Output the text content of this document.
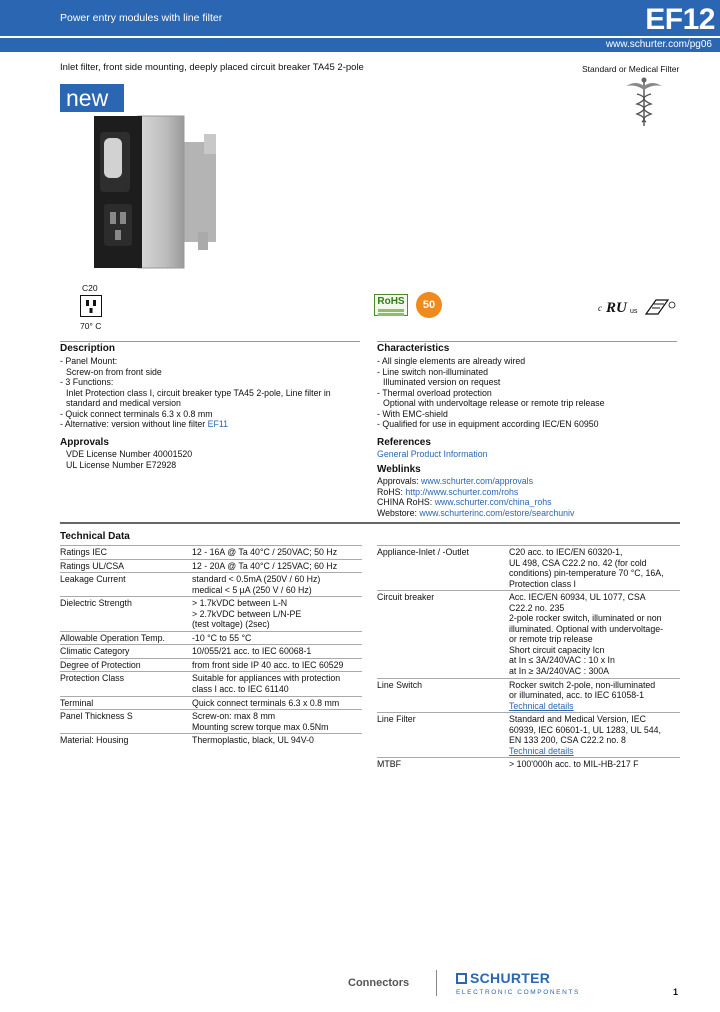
Power entry modules with line filter	EF12
www.schurter.com/pg06
Inlet filter, front side mounting, deeply placed circuit breaker TA45 2-pole	Standard or Medical Filter
new
C20
70° C
RoHS	50	c RU us
Description
- Panel Mount:
Screw-on from front side
- 3 Functions:
Inlet Protection class I, circuit breaker type TA45 2-pole, Line filter in
standard and medical version
- Quick connect terminals 6.3 x 0.8 mm
- Alternative: version without line filter EF11
Approvals
VDE License Number 40001520
UL License Number E72928
Characteristics
- All single elements are already wired
- Line switch non-illuminated
Illuminated version on request
- Thermal overload protection
Optional with undervoltage release or remote trip release
- With EMC-shield
- Qualified for use in equipment according IEC/EN 60950
References
General Product Information
Weblinks
Approvals: www.schurter.com/approvals
RoHS: http://www.schurter.com/rohs
CHINA RoHS: www.schurter.com/china_rohs
Webstore: www.schurterinc.com/estore/searchuniv
Technical Data
Ratings IEC	12 - 16A @ Ta 40°C / 250VAC; 50 Hz
Ratings UL/CSA	12 - 20A @ Ta 40°C / 125VAC; 60 Hz
Leakage Current	standard < 0.5mA (250V / 60 Hz)
medical < 5 µA (250 V / 60 Hz)
Dielectric Strength	> 1.7kVDC between L-N
> 2.7kVDC between L/N-PE
(test voltage) (2sec)
Allowable Operation Temp.	-10 °C to 55 °C
Climatic Category	10/055/21 acc. to IEC 60068-1
Degree of Protection	from front side IP 40 acc. to IEC 60529
Protection Class	Suitable for appliances with protection
class I acc. to IEC 61140
Terminal	Quick connect terminals 6.3 x 0.8 mm
Panel Thickness S	Screw-on: max 8 mm
Mounting screw torque max 0.5Nm
Material: Housing	Thermoplastic, black, UL 94V-0
Appliance-Inlet / -Outlet	C20 acc. to IEC/EN 60320-1,
UL 498, CSA C22.2 no. 42 (for cold
conditions) pin-temperature 70 °C, 16A,
Protection class I
Circuit breaker	Acc. IEC/EN 60934, UL 1077, CSA
C22.2 no. 235
2-pole rocker switch, illuminated or non
illuminated. Optional with undervoltage-
or remote trip release
Short circuit capacity Icn
at In ≤ 3A/240VAC : 10 x In
at In ≥ 3A/240VAC : 300A
Line Switch	Rocker switch 2-pole, non-illuminated
or illuminated, acc. to IEC 61058-1
Technical details
Line Filter	Standard and Medical Version, IEC
60939, IEC 60601-1, UL 1283, UL 544,
EN 133 200, CSA C22.2 no. 8
Technical details
MTBF	> 100'000h acc. to MIL-HB-217 F
Connectors	SCHURTER
ELECTRONIC COMPONENTS	1
